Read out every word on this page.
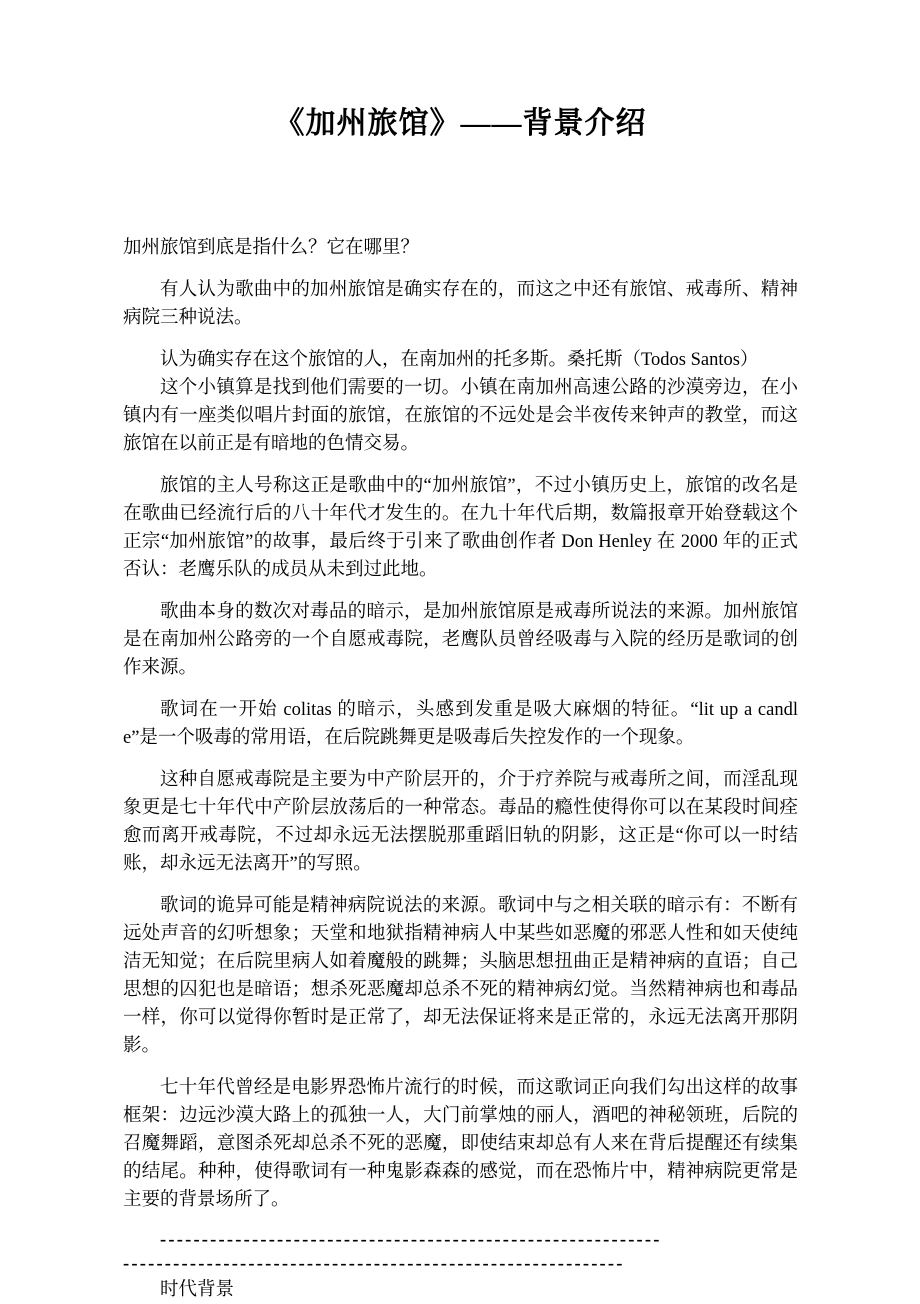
《加州旅馆》——背景介绍

加州旅馆到底是指什么？它在哪里？

有人认为歌曲中的加州旅馆是确实存在的，而这之中还有旅馆、戒毒所、精神病院三种说法。

认为确实存在这个旅馆的人，在南加州的托多斯。桑托斯（Todos Santos）

这个小镇算是找到他们需要的一切。小镇在南加州高速公路的沙漠旁边，在小镇内有一座类似唱片封面的旅馆，在旅馆的不远处是会半夜传来钟声的教堂，而这旅馆在以前正是有暗地的色情交易。

旅馆的主人号称这正是歌曲中的“加州旅馆”，不过小镇历史上，旅馆的改名是在歌曲已经流行后的八十年代才发生的。在九十年代后期，数篇报章开始登载这个正宗“加州旅馆”的故事，最后终于引来了歌曲创作者 Don Henley 在 2000 年的正式否认：老鹰乐队的成员从未到过此地。

歌曲本身的数次对毒品的暗示，是加州旅馆原是戒毒所说法的来源。加州旅馆是在南加州公路旁的一个自愿戒毒院，老鹰队员曾经吸毒与入院的经历是歌词的创作来源。

歌词在一开始 colitas 的暗示，头感到发重是吸大麻烟的特征。“lit up a candle”是一个吸毒的常用语，在后院跳舞更是吸毒后失控发作的一个现象。

这种自愿戒毒院是主要为中产阶层开的，介于疗养院与戒毒所之间，而淫乱现象更是七十年代中产阶层放荡后的一种常态。毒品的瘾性使得你可以在某段时间痊愈而离开戒毒院，不过却永远无法摆脱那重蹈旧轨的阴影，这正是“你可以一时结账，却永远无法离开”的写照。

歌词的诡异可能是精神病院说法的来源。歌词中与之相关联的暗示有：不断有远处声音的幻听想象；天堂和地狱指精神病人中某些如恶魔的邪恶人性和如天使纯洁无知觉；在后院里病人如着魔般的跳舞；头脑思想扭曲正是精神病的直语；自己思想的囚犯也是暗语；想杀死恶魔却总杀不死的精神病幻觉。当然精神病也和毒品一样，你可以觉得你暂时是正常了，却无法保证将来是正常的，永远无法离开那阴影。

七十年代曾经是电影界恐怖片流行的时候，而这歌词正向我们勾出这样的故事框架：边远沙漠大路上的孤独一人，大门前掌烛的丽人，酒吧的神秘领班，后院的召魔舞蹈，意图杀死却总杀不死的恶魔，即使结束却总有人来在背后提醒还有续集的结尾。种种，使得歌词有一种鬼影森森的感觉，而在恐怖片中，精神病院更常是主要的背景场所了。

------------------------------------------------------------

------------------------------------------------------------

时代背景
